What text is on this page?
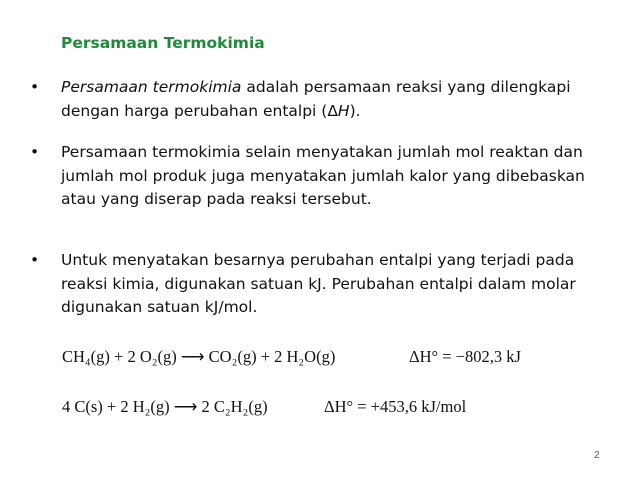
Persamaan Termokimia
• Persamaan termokimia adalah persamaan reaksi yang dilengkapi dengan harga perubahan entalpi (ΔH).
• Persamaan termokimia selain menyatakan jumlah mol reaktan dan jumlah mol produk juga menyatakan jumlah kalor yang dibebaskan atau yang diserap pada reaksi tersebut.
• Untuk menyatakan besarnya perubahan entalpi yang terjadi pada reaksi kimia, digunakan satuan kJ. Perubahan entalpi dalam molar digunakan satuan kJ/mol.
CH₄(g) + 2 O₂(g) ⟶ CO₂(g) + 2 H₂O(g)	ΔH° = −802,3 kJ
4 C(s) + 2 H₂(g) ⟶ 2 C₂H₂(g)	ΔH° = +453,6 kJ/mol
2
